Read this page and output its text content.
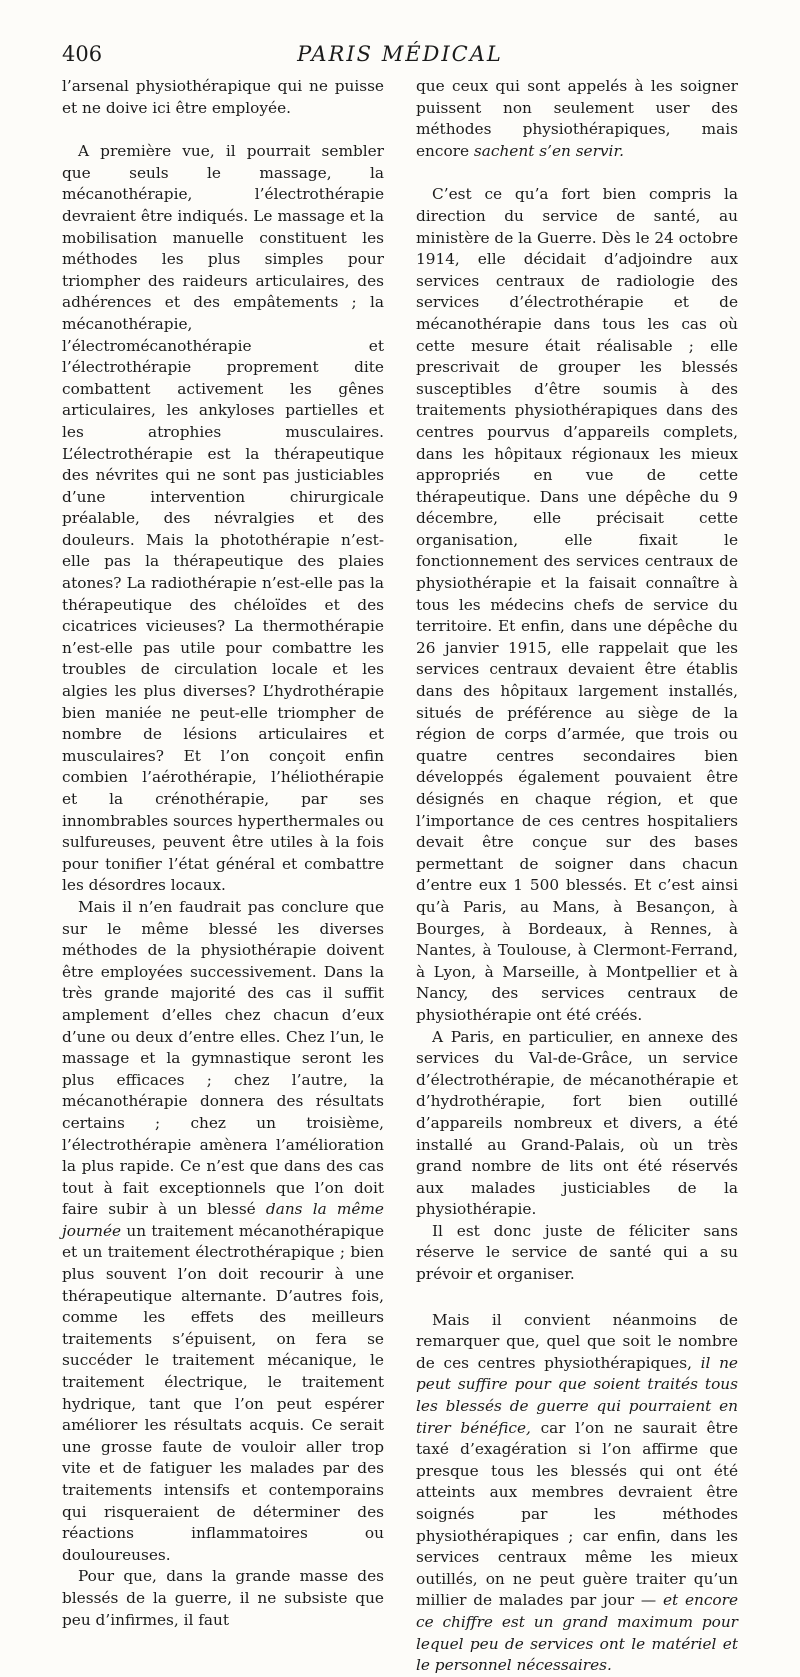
406	PARIS MÉDICAL

l’arsenal physiothérapique qui ne puisse et ne doive ici être employée.

A première vue, il pourrait sembler que seuls le massage, la mécanothérapie, l’électrothérapie devraient être indiqués. Le massage et la mobilisation manuelle constituent les méthodes les plus simples pour triompher des raideurs articulaires, des adhérences et des empâtements ; la mécanothérapie, l’électromécanothérapie et l’électrothérapie proprement dite combattent activement les gênes articulaires, les ankyloses partielles et les atrophies musculaires. L’électrothérapie est la thérapeutique des névrites qui ne sont pas justiciables d’une intervention chirurgicale préalable, des névralgies et des douleurs. Mais la photothérapie n’est-elle pas la thérapeutique des plaies atones? La radiothérapie n’est-elle pas la thérapeutique des chéloïdes et des cicatrices vicieuses? La thermothérapie n’est-elle pas utile pour combattre les troubles de circulation locale et les algies les plus diverses? L’hydrothérapie bien maniée ne peut-elle triompher de nombre de lésions articulaires et musculaires? Et l’on conçoit enfin combien l’aérothérapie, l’héliothérapie et la crénothérapie, par ses innombrables sources hyperthermales ou sulfureuses, peuvent être utiles à la fois pour tonifier l’état général et combattre les désordres locaux.

Mais il n’en faudrait pas conclure que sur le même blessé les diverses méthodes de la physiothérapie doivent être employées successivement. Dans la très grande majorité des cas il suffit amplement d’elles chez chacun d’eux d’une ou deux d’entre elles. Chez l’un, le massage et la gymnastique seront les plus efficaces ; chez l’autre, la mécanothérapie donnera des résultats certains ; chez un troisième, l’électrothérapie amènera l’amélioration la plus rapide. Ce n’est que dans des cas tout à fait exceptionnels que l’on doit faire subir à un blessé dans la même journée un traitement mécanothérapique et un traitement électrothérapique ; bien plus souvent l’on doit recourir à une thérapeutique alternante. D’autres fois, comme les effets des meilleurs traitements s’épuisent, on fera se succéder le traitement mécanique, le traitement électrique, le traitement hydrique, tant que l’on peut espérer améliorer les résultats acquis. Ce serait une grosse faute de vouloir aller trop vite et de fatiguer les malades par des traitements intensifs et contemporains qui risqueraient de déterminer des réactions inflammatoires ou douloureuses.

Pour que, dans la grande masse des blessés de la guerre, il ne subsiste que peu d’infirmes, il faut

que ceux qui sont appelés à les soigner puissent non seulement user des méthodes physiothérapiques, mais encore sachent s’en servir.

C’est ce qu’a fort bien compris la direction du service de santé, au ministère de la Guerre. Dès le 24 octobre 1914, elle décidait d’adjoindre aux services centraux de radiologie des services d’électrothérapie et de mécanothérapie dans tous les cas où cette mesure était réalisable ; elle prescrivait de grouper les blessés susceptibles d’être soumis à des traitements physiothérapiques dans des centres pourvus d’appareils complets, dans les hôpitaux régionaux les mieux appropriés en vue de cette thérapeutique. Dans une dépêche du 9 décembre, elle précisait cette organisation, elle fixait le fonctionnement des services centraux de physiothérapie et la faisait connaître à tous les médecins chefs de service du territoire. Et enfin, dans une dépêche du 26 janvier 1915, elle rappelait que les services centraux devaient être établis dans des hôpitaux largement installés, situés de préférence au siège de la région de corps d’armée, que trois ou quatre centres secondaires bien développés également pouvaient être désignés en chaque région, et que l’importance de ces centres hospitaliers devait être conçue sur des bases permettant de soigner dans chacun d’entre eux 1 500 blessés. Et c’est ainsi qu’à Paris, au Mans, à Besançon, à Bourges, à Bordeaux, à Rennes, à Nantes, à Toulouse, à Clermont-Ferrand, à Lyon, à Marseille, à Montpellier et à Nancy, des services centraux de physiothérapie ont été créés.

A Paris, en particulier, en annexe des services du Val-de-Grâce, un service d’électrothérapie, de mécanothérapie et d’hydrothérapie, fort bien outillé d’appareils nombreux et divers, a été installé au Grand-Palais, où un très grand nombre de lits ont été réservés aux malades justiciables de la physiothérapie.

Il est donc juste de féliciter sans réserve le service de santé qui a su prévoir et organiser.

Mais il convient néanmoins de remarquer que, quel que soit le nombre de ces centres physiothérapiques, il ne peut suffire pour que soient traités tous les blessés de guerre qui pourraient en tirer bénéfice, car l’on ne saurait être taxé d’exagération si l’on affirme que presque tous les blessés qui ont été atteints aux membres devraient être soignés par les méthodes physiothérapiques ; car enfin, dans les services centraux même les mieux outillés, on ne peut guère traiter qu’un millier de malades par jour — et encore ce chiffre est un grand maximum pour lequel peu de services ont le matériel et le personnel nécessaires.
